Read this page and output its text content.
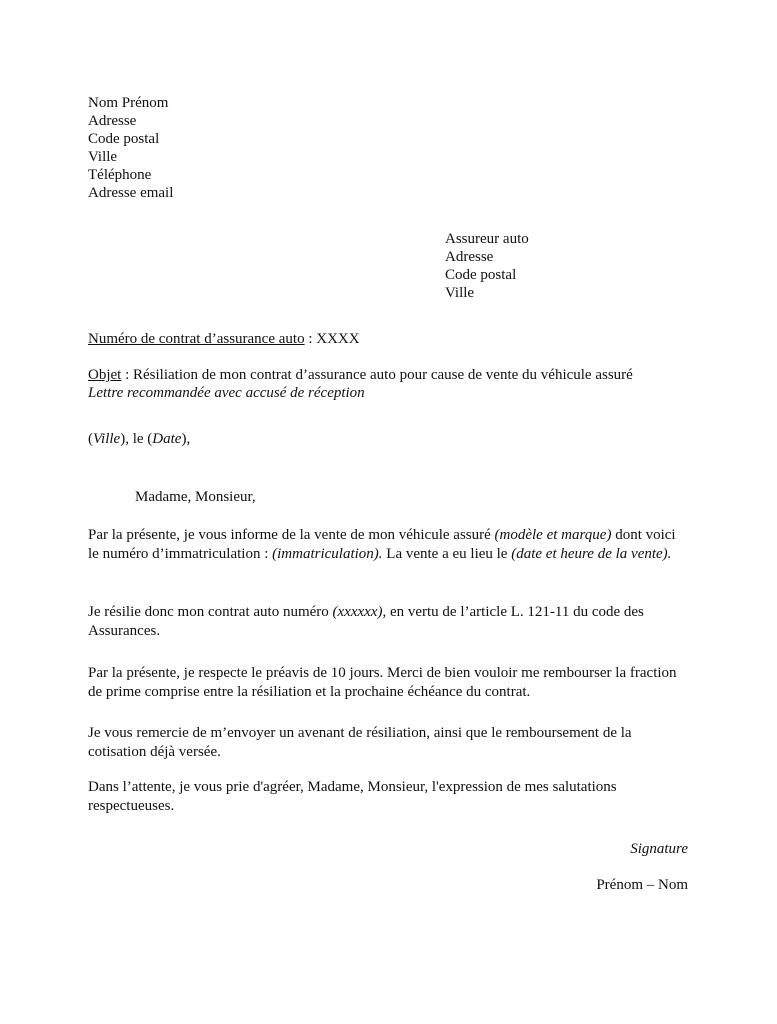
Nom Prénom

Adresse

Code postal

Ville

Téléphone

Adresse email

Assureur auto

Adresse

Code postal

Ville

Numéro de contrat d’assurance auto : XXXX

Objet : Résiliation de mon contrat d’assurance auto pour cause de vente du véhicule assuré

Lettre recommandée avec accusé de réception

(Ville), le (Date),

Madame, Monsieur,

Par la présente, je vous informe de la vente de mon véhicule assuré (modèle et marque) dont voici le numéro d’immatriculation : (immatriculation). La vente a eu lieu le (date et heure de la vente).

Je résilie donc mon contrat auto numéro (xxxxxx), en vertu de l’article L. 121-11 du code des Assurances.

Par la présente, je respecte le préavis de 10 jours. Merci de bien vouloir me rembourser la fraction de prime comprise entre la résiliation et la prochaine échéance du contrat.

Je vous remercie de m’envoyer un avenant de résiliation, ainsi que le remboursement de la cotisation déjà versée.

Dans l’attente, je vous prie d'agréer, Madame, Monsieur, l'expression de mes salutations respectueuses.

Signature

Prénom – Nom
